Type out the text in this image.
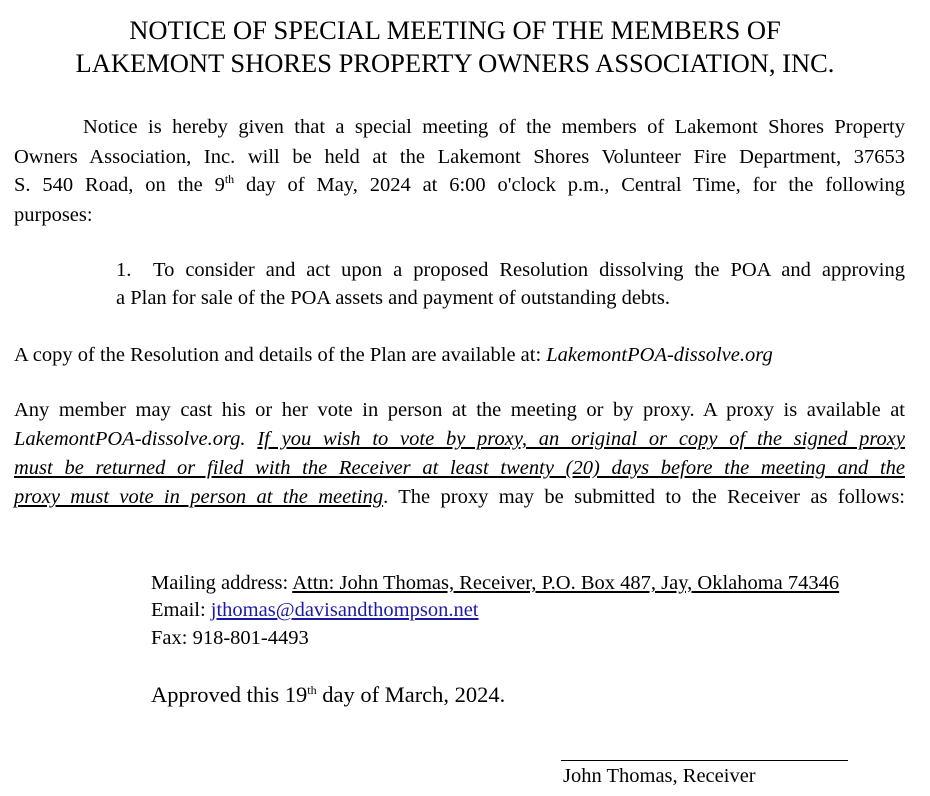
NOTICE OF SPECIAL MEETING OF THE MEMBERS OF
LAKEMONT SHORES PROPERTY OWNERS ASSOCIATION, INC.
Notice is hereby given that a special meeting of the members of Lakemont Shores Property
Owners Association, Inc. will be held at the Lakemont Shores Volunteer Fire Department, 37653
S. 540 Road, on the 9th day of May, 2024 at 6:00 o'clock p.m., Central Time, for the following
purposes:
1. To consider and act upon a proposed Resolution dissolving the POA and approving
a Plan for sale of the POA assets and payment of outstanding debts.
A copy of the Resolution and details of the Plan are available at: LakemontPOA-dissolve.org
Any member may cast his or her vote in person at the meeting or by proxy. A proxy is available at
LakemontPOA-dissolve.org. If you wish to vote by proxy, an original or copy of the signed proxy
must be returned or filed with the Receiver at least twenty (20) days before the meeting and the
proxy must vote in person at the meeting. The proxy may be submitted to the Receiver as follows:
Mailing address: Attn: John Thomas, Receiver, P.O. Box 487, Jay, Oklahoma 74346
Email: jthomas@davisandthompson.net
Fax: 918-801-4493
Approved this 19th day of March, 2024.
John Thomas, Receiver
